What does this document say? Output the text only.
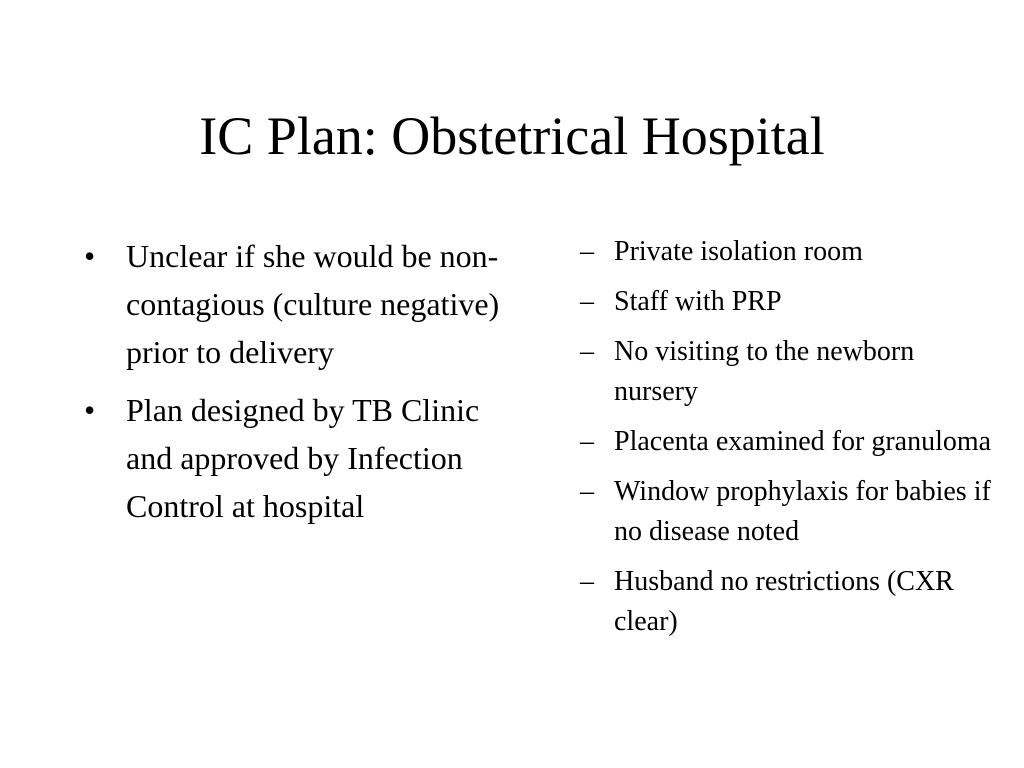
IC Plan: Obstetrical Hospital
• Unclear if she would be non-contagious (culture negative) prior to delivery
• Plan designed by TB Clinic and approved by Infection Control at hospital
– Private isolation room
– Staff with PRP
– No visiting to the newborn nursery
– Placenta examined for granuloma
– Window prophylaxis for babies if no disease noted
– Husband no restrictions (CXR clear)
